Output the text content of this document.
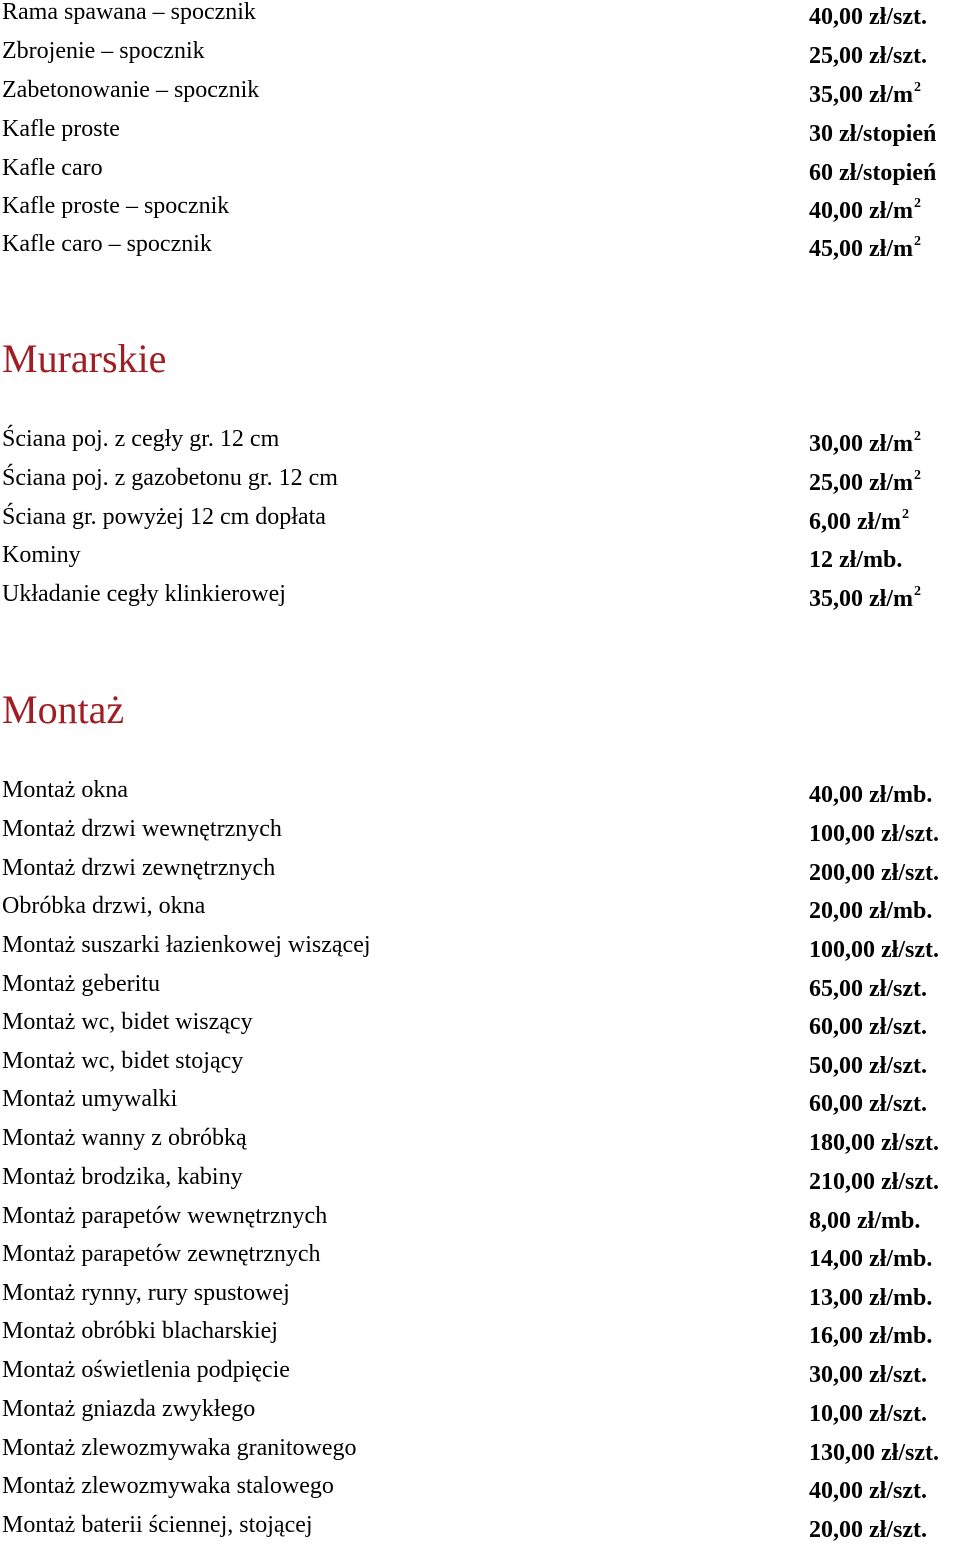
Rama spawana – spocznik	40,00 zł/szt.
Zbrojenie – spocznik	25,00 zł/szt.
Zabetonowanie – spocznik	35,00 $zł/m^2$
Kafle proste	30 zł/stopień
Kafle caro	60 zł/stopień
Kafle proste – spocznik	40,00 $zł/m^2$
Kafle caro – spocznik	45,00 $zł/m^2$
Murarskie
Ściana poj. z cegły gr. 12 cm	30,00 $zł/m^2$
Ściana poj. z gazobetonu gr. 12 cm	25,00 $zł/m^2$
Ściana gr. powyżej 12 cm dopłata	6,00 $zł/m^2$
Kominy	12 zł/mb.
Układanie cegły klinkierowej	35,00 $zł/m^2$
Montaż
Montaż okna	40,00 zł/mb.
Montaż drzwi wewnętrznych	100,00 zł/szt.
Montaż drzwi zewnętrznych	200,00 zł/szt.
Obróbka drzwi, okna	20,00 zł/mb.
Montaż suszarki łazienkowej wiszącej	100,00 zł/szt.
Montaż geberitu	65,00 zł/szt.
Montaż wc, bidet wiszący	60,00 zł/szt.
Montaż wc, bidet stojący	50,00 zł/szt.
Montaż umywalki	60,00 zł/szt.
Montaż wanny z obróbką	180,00 zł/szt.
Montaż brodzika, kabiny	210,00 zł/szt.
Montaż parapetów wewnętrznych	8,00 zł/mb.
Montaż parapetów zewnętrznych	14,00 zł/mb.
Montaż rynny, rury spustowej	13,00 zł/mb.
Montaż obróbki blacharskiej	16,00 zł/mb.
Montaż oświetlenia podpięcie	30,00 zł/szt.
Montaż gniazda zwykłego	10,00 zł/szt.
Montaż zlewozmywaka granitowego	130,00 zł/szt.
Montaż zlewozmywaka stalowego	40,00 zł/szt.
Montaż baterii ściennej, stojącej	20,00 zł/szt.
